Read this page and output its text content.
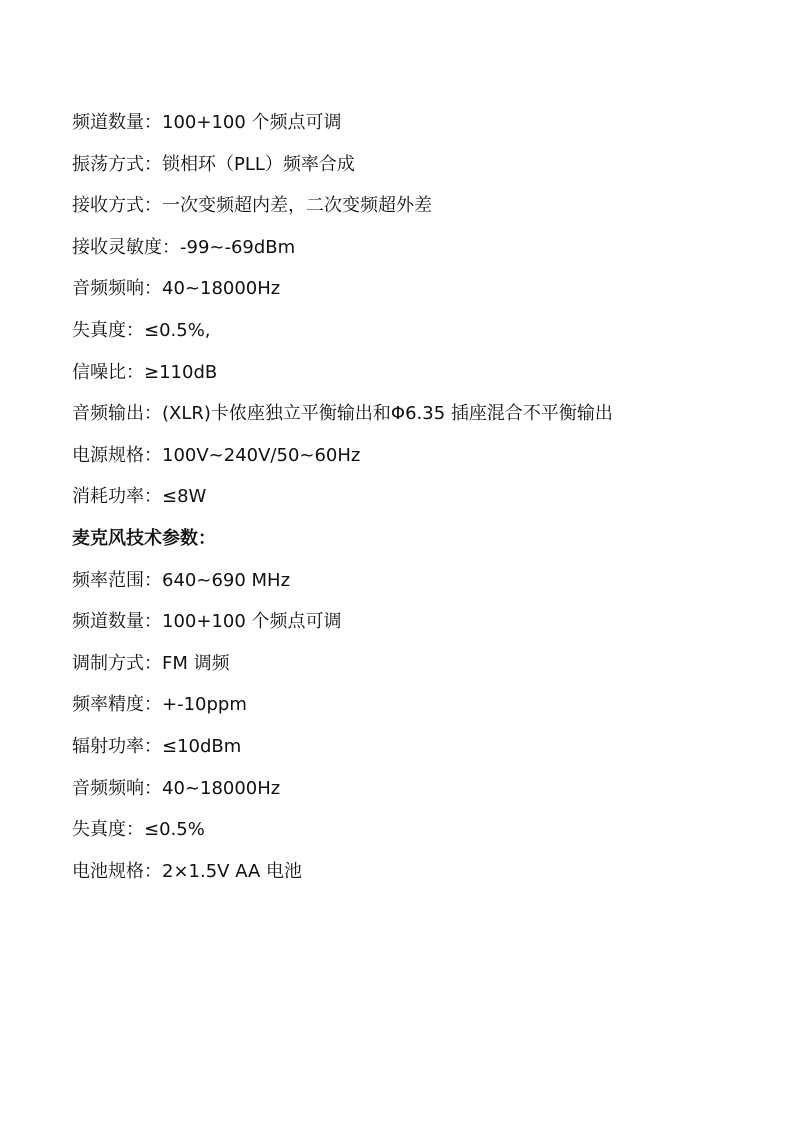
频道数量：100+100 个频点可调
振荡方式：锁相环（PLL）频率合成
接收方式：一次变频超内差，二次变频超外差
接收灵敏度：-99~-69dBm
音频频响：40~18000Hz
失真度：≤0.5%,
信噪比：≥110dB
音频输出：(XLR)卡侬座独立平衡输出和Φ6.35 插座混合不平衡输出
电源规格：100V~240V/50~60Hz
消耗功率：≤8W
麦克风技术参数：
频率范围：640~690 MHz
频道数量：100+100 个频点可调
调制方式：FM 调频
频率精度：+-10ppm
辐射功率：≤10dBm
音频频响：40~18000Hz
失真度：≤0.5%
电池规格：2×1.5V AA 电池
